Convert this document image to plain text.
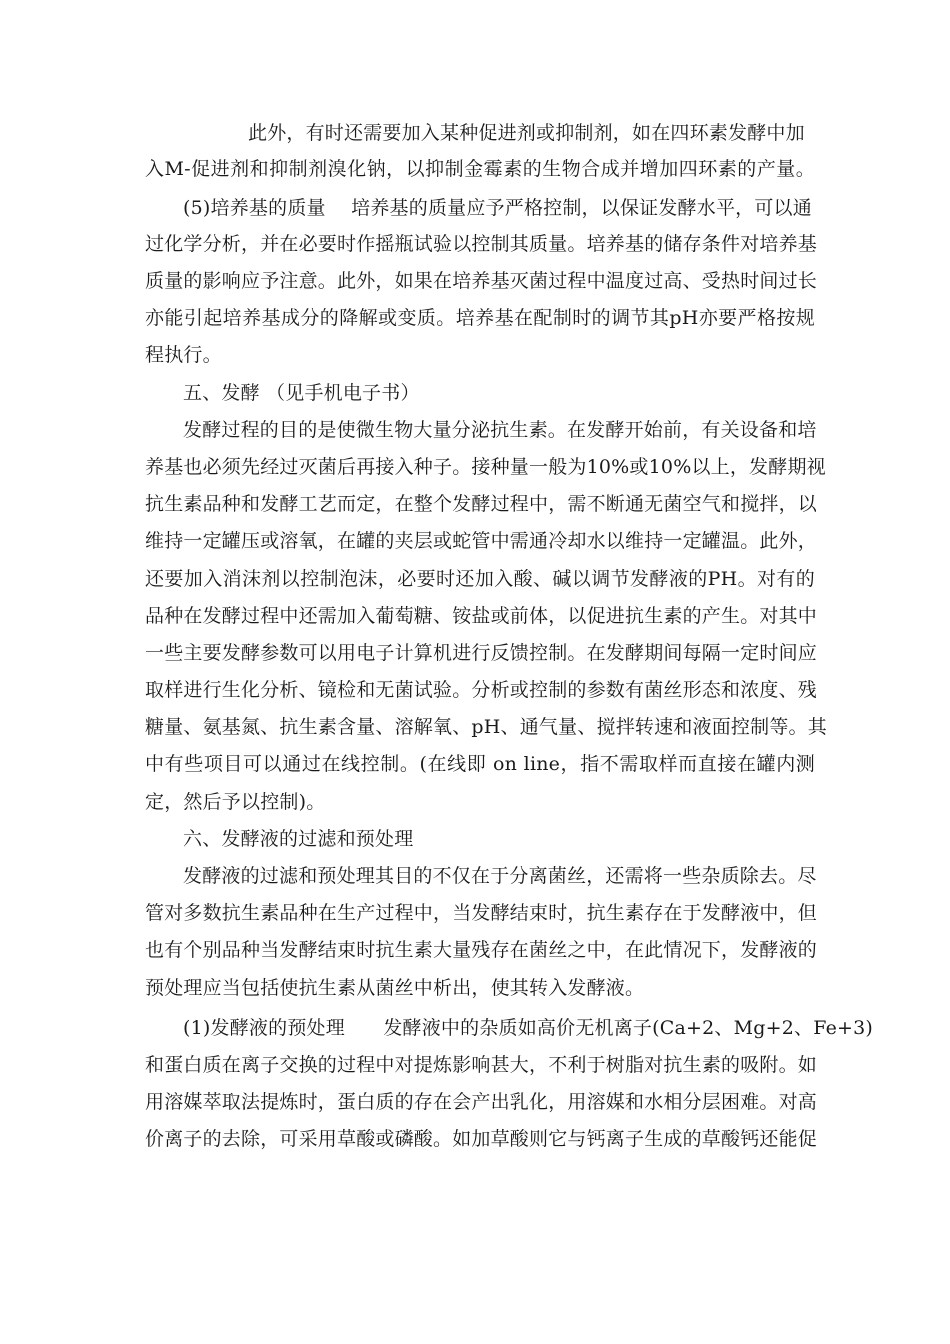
此外，有时还需要加入某种促进剂或抑制剂，如在四环素发酵中加
入M-促进剂和抑制剂溴化钠，以抑制金霉素的生物合成并增加四环素的产量。
(5)培养基的质量　 培养基的质量应予严格控制，以保证发酵水平，可以通
过化学分析，并在必要时作摇瓶试验以控制其质量。培养基的储存条件对培养基
质量的影响应予注意。此外，如果在培养基灭菌过程中温度过高、受热时间过长
亦能引起培养基成分的降解或变质。培养基在配制时的调节其pH亦要严格按规
程执行。
五、发酵 （见手机电子书）
发酵过程的目的是使微生物大量分泌抗生素。在发酵开始前，有关设备和培
养基也必须先经过灭菌后再接入种子。接种量一般为10%或10%以上，发酵期视
抗生素品种和发酵工艺而定，在整个发酵过程中，需不断通无菌空气和搅拌，以
维持一定罐压或溶氧，在罐的夹层或蛇管中需通冷却水以维持一定罐温。此外，
还要加入消沫剂以控制泡沫，必要时还加入酸、碱以调节发酵液的PH。对有的
品种在发酵过程中还需加入葡萄糖、铵盐或前体，以促进抗生素的产生。对其中
一些主要发酵参数可以用电子计算机进行反馈控制。在发酵期间每隔一定时间应
取样进行生化分析、镜检和无菌试验。分析或控制的参数有菌丝形态和浓度、残
糖量、氨基氮、抗生素含量、溶解氧、pH、通气量、搅拌转速和液面控制等。其
中有些项目可以通过在线控制。(在线即 on line，指不需取样而直接在罐内测
定，然后予以控制)。
六、发酵液的过滤和预处理
发酵液的过滤和预处理其目的不仅在于分离菌丝，还需将一些杂质除去。尽
管对多数抗生素品种在生产过程中，当发酵结束时，抗生素存在于发酵液中，但
也有个别品种当发酵结束时抗生素大量残存在菌丝之中，在此情况下，发酵液的
预处理应当包括使抗生素从菌丝中析出，使其转入发酵液。
(1)发酵液的预处理　　发酵液中的杂质如高价无机离子(Ca+2、Mg+2、Fe+3)
和蛋白质在离子交换的过程中对提炼影响甚大，不利于树脂对抗生素的吸附。如
用溶媒萃取法提炼时，蛋白质的存在会产出乳化，用溶媒和水相分层困难。对高
价离子的去除，可采用草酸或磷酸。如加草酸则它与钙离子生成的草酸钙还能促
